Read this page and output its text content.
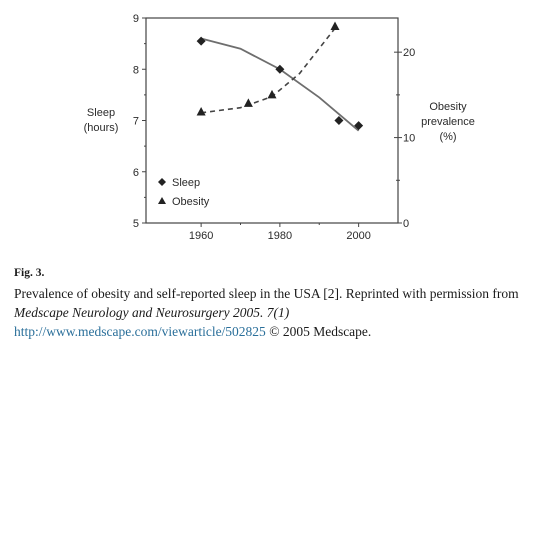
5
6
7
8
9
Sleep
(hours)
0
10
20
Obesity
prevalence
(%)
1960	1980	2000
Sleep
Obesity
Fig. 3.
Prevalence of obesity and self-reported sleep in the USA [2]. Reprinted with permission from Medscape Neurology and Neurosurgery 2005. 7(1) http://www.medscape.com/viewarticle/502825 © 2005 Medscape.
